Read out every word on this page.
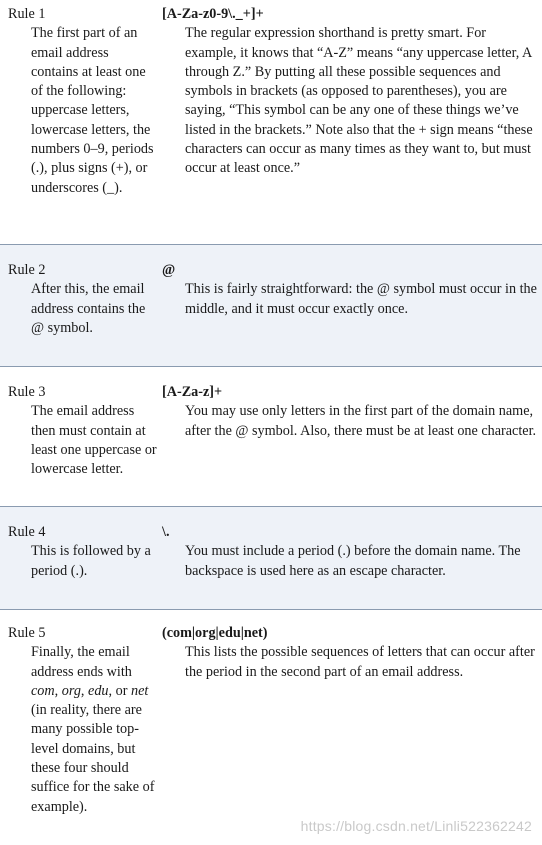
Rule 1
The first part of an email address contains at least one of the following: uppercase letters, lowercase letters, the numbers 0–9, periods (.), plus signs (+), or underscores (_).
[A-Za-z0-9\._+]+
The regular expression shorthand is pretty smart. For example, it knows that “A-Z” means “any uppercase letter, A through Z.” By putting all these possible sequences and symbols in brackets (as opposed to parentheses), you are saying, “This symbol can be any one of these things we’ve listed in the brackets.” Note also that the + sign means “these characters can occur as many times as they want to, but must occur at least once.”
Rule 2
After this, the email address contains the @ symbol.
@
This is fairly straightforward: the @ symbol must occur in the middle, and it must occur exactly once.
Rule 3
The email address then must contain at least one uppercase or lowercase letter.
[A-Za-z]+
You may use only letters in the first part of the domain name, after the @ symbol. Also, there must be at least one character.
Rule 4
This is followed by a period (.).
\.
You must include a period (.) before the domain name. The backspace is used here as an escape character.
Rule 5
Finally, the email address ends with com, org, edu, or net (in reality, there are many possible top-level domains, but these four should suffice for the sake of example).
(com|org|edu|net)
This lists the possible sequences of letters that can occur after the period in the second part of an email address.
https://blog.csdn.net/Linli522362242
